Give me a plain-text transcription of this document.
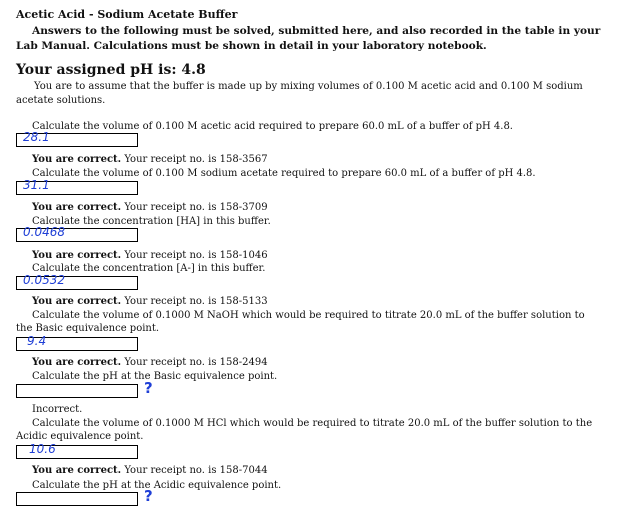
Acetic Acid - Sodium Acetate Buffer
Answers to the following must be solved, submitted here, and also recorded in the table in your Lab Manual. Calculations must be shown in detail in your laboratory notebook.
Your assigned pH is: 4.8
You are to assume that the buffer is made up by mixing volumes of 0.100 M acetic acid and 0.100 M sodium acetate solutions.
Calculate the volume of 0.100 M acetic acid required to prepare 60.0 mL of a buffer of pH 4.8.
28.1
You are correct. Your receipt no. is 158-3567
Calculate the volume of 0.100 M sodium acetate required to prepare 60.0 mL of a buffer of pH 4.8.
31.1
You are correct. Your receipt no. is 158-3709
Calculate the concentration [HA] in this buffer.
0.0468
You are correct. Your receipt no. is 158-1046
Calculate the concentration [A-] in this buffer.
0.0532
You are correct. Your receipt no. is 158-5133
Calculate the volume of 0.1000 M NaOH which would be required to titrate 20.0 mL of the buffer solution to the Basic equivalence point.
9.4
You are correct. Your receipt no. is 158-2494
Calculate the pH at the Basic equivalence point.
?
Incorrect.
Calculate the volume of 0.1000 M HCl which would be required to titrate 20.0 mL of the buffer solution to the Acidic equivalence point.
10.6
You are correct. Your receipt no. is 158-7044
Calculate the pH at the Acidic equivalence point.
?
